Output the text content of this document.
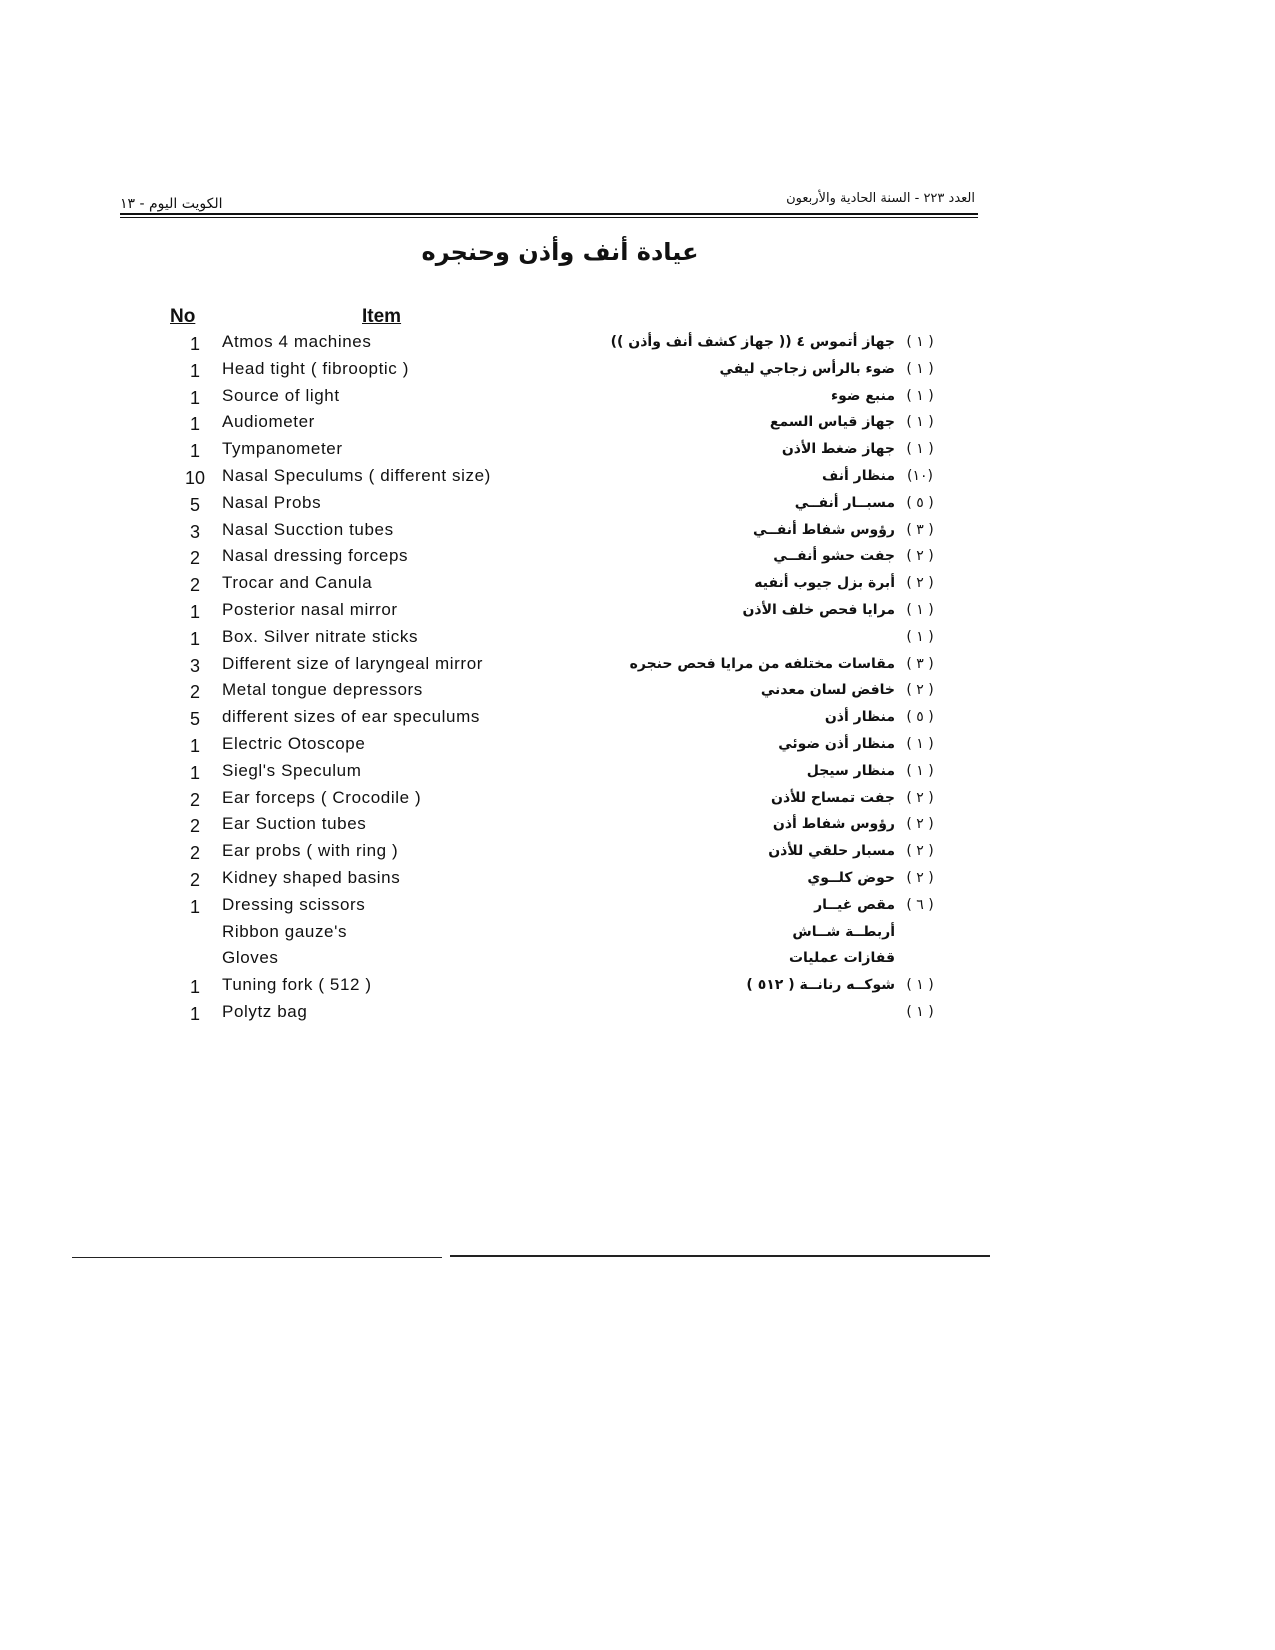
الكويت اليوم - ١٣	العدد ٢٢٣ - السنة الحادية والأربعون
عيادة أنف وأذن وحنجره
No	Item
1	Atmos 4 machines	جهاز أتموس ٤ (( جهاز كشف أنف وأذن )) ( ١ )
1	Head tight ( fibrooptic )	ضوء بالرأس زجاجي ليفي ( ١ )
1	Source of light	منبع ضوء ( ١ )
1	Audiometer	جهاز قياس السمع ( ١ )
1	Tympanometer	جهاز ضغط الأذن ( ١ )
10 Nasal Speculums ( different size)	منظار أنف (١٠)
5	Nasal Probs	مسبــار أنفــي ( ٥ )
3	Nasal Sucction tubes	رؤوس شفاط أنفــي ( ٣ )
2	Nasal dressing forceps	جفت حشو أنفــي ( ٢ )
2	Trocar and Canula	أبرة بزل جيوب أنفيه ( ٢ )
1	Posterior nasal mirror	مرايا فحص خلف الأذن ( ١ )
1	Box. Silver nitrate sticks	( ١ )
3	Different size of laryngeal mirror	مقاسات مختلفه من مرايا فحص حنجره ( ٣ )
2	Metal tongue depressors	خافض لسان معدني ( ٢ )
5	different sizes of ear speculums	منظار أذن ( ٥ )
1	Electric Otoscope	منظار أذن ضوئي ( ١ )
1	Siegl's Speculum	منظار سيجل ( ١ )
2	Ear forceps ( Crocodile )	جفت تمساح للأذن ( ٢ )
2	Ear Suction tubes	رؤوس شفاط أذن ( ٢ )
2	Ear probs ( with ring )	مسبار حلقي للأذن ( ٢ )
2	Kidney shaped basins	حوض كلــوي ( ٢ )
1	Dressing scissors	مقص غيــار ( ٦ )
Ribbon gauze's	أربطــة شــاش
Gloves	قفازات عمليات
1	Tuning fork ( 512 )	شوكــه رنانــة ( ٥١٢ ) ( ١ )
1	Polytz bag	( ١ )
